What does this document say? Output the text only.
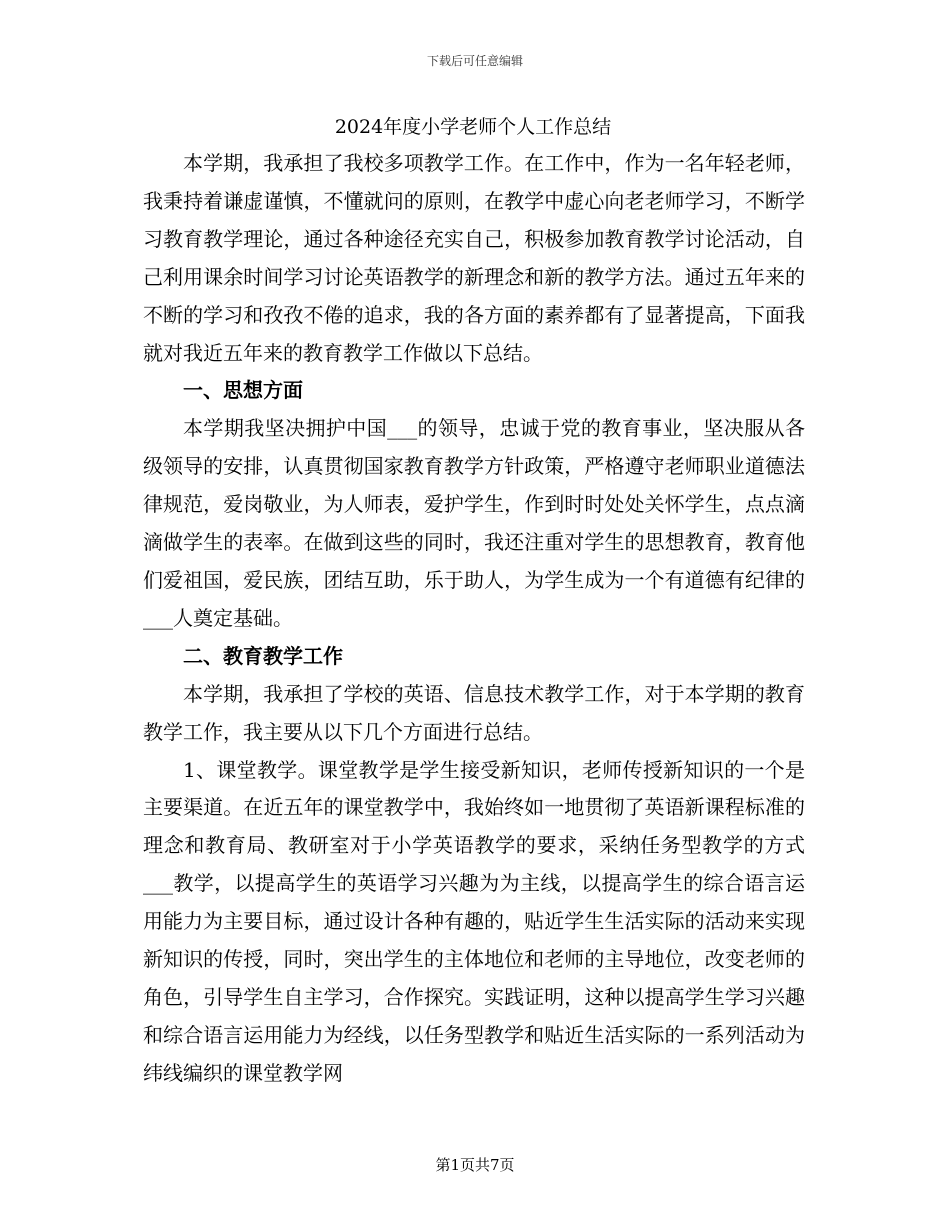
下载后可任意编辑
2024年度小学老师个人工作总结

本学期，我承担了我校多项教学工作。在工作中，作为一名年轻老师，我秉持着谦虚谨慎，不懂就问的原则，在教学中虚心向老老师学习，不断学习教育教学理论，通过各种途径充实自己，积极参加教育教学讨论活动，自己利用课余时间学习讨论英语教学的新理念和新的教学方法。通过五年来的不断的学习和孜孜不倦的追求，我的各方面的素养都有了显著提高，下面我就对我近五年来的教育教学工作做以下总结。

一、思想方面

本学期我坚决拥护中国___的领导，忠诚于党的教育事业，坚决服从各级领导的安排，认真贯彻国家教育教学方针政策，严格遵守老师职业道德法律规范，爱岗敬业，为人师表，爱护学生，作到时时处处关怀学生，点点滴滴做学生的表率。在做到这些的同时，我还注重对学生的思想教育，教育他们爱祖国，爱民族，团结互助，乐于助人，为学生成为一个有道德有纪律的___人奠定基础。

二、教育教学工作

本学期，我承担了学校的英语、信息技术教学工作，对于本学期的教育教学工作，我主要从以下几个方面进行总结。

1、课堂教学。课堂教学是学生接受新知识，老师传授新知识的一个是主要渠道。在近五年的课堂教学中，我始终如一地贯彻了英语新课程标准的理念和教育局、教研室对于小学英语教学的要求，采纳任务型教学的方式___教学，以提高学生的英语学习兴趣为为主线，以提高学生的综合语言运用能力为主要目标，通过设计各种有趣的，贴近学生生活实际的活动来实现新知识的传授，同时，突出学生的主体地位和老师的主导地位，改变老师的角色，引导学生自主学习，合作探究。实践证明，这种以提高学生学习兴趣和综合语言运用能力为经线，以任务型教学和贴近生活实际的一系列活动为纬线编织的课堂教学网

第1页共7页
